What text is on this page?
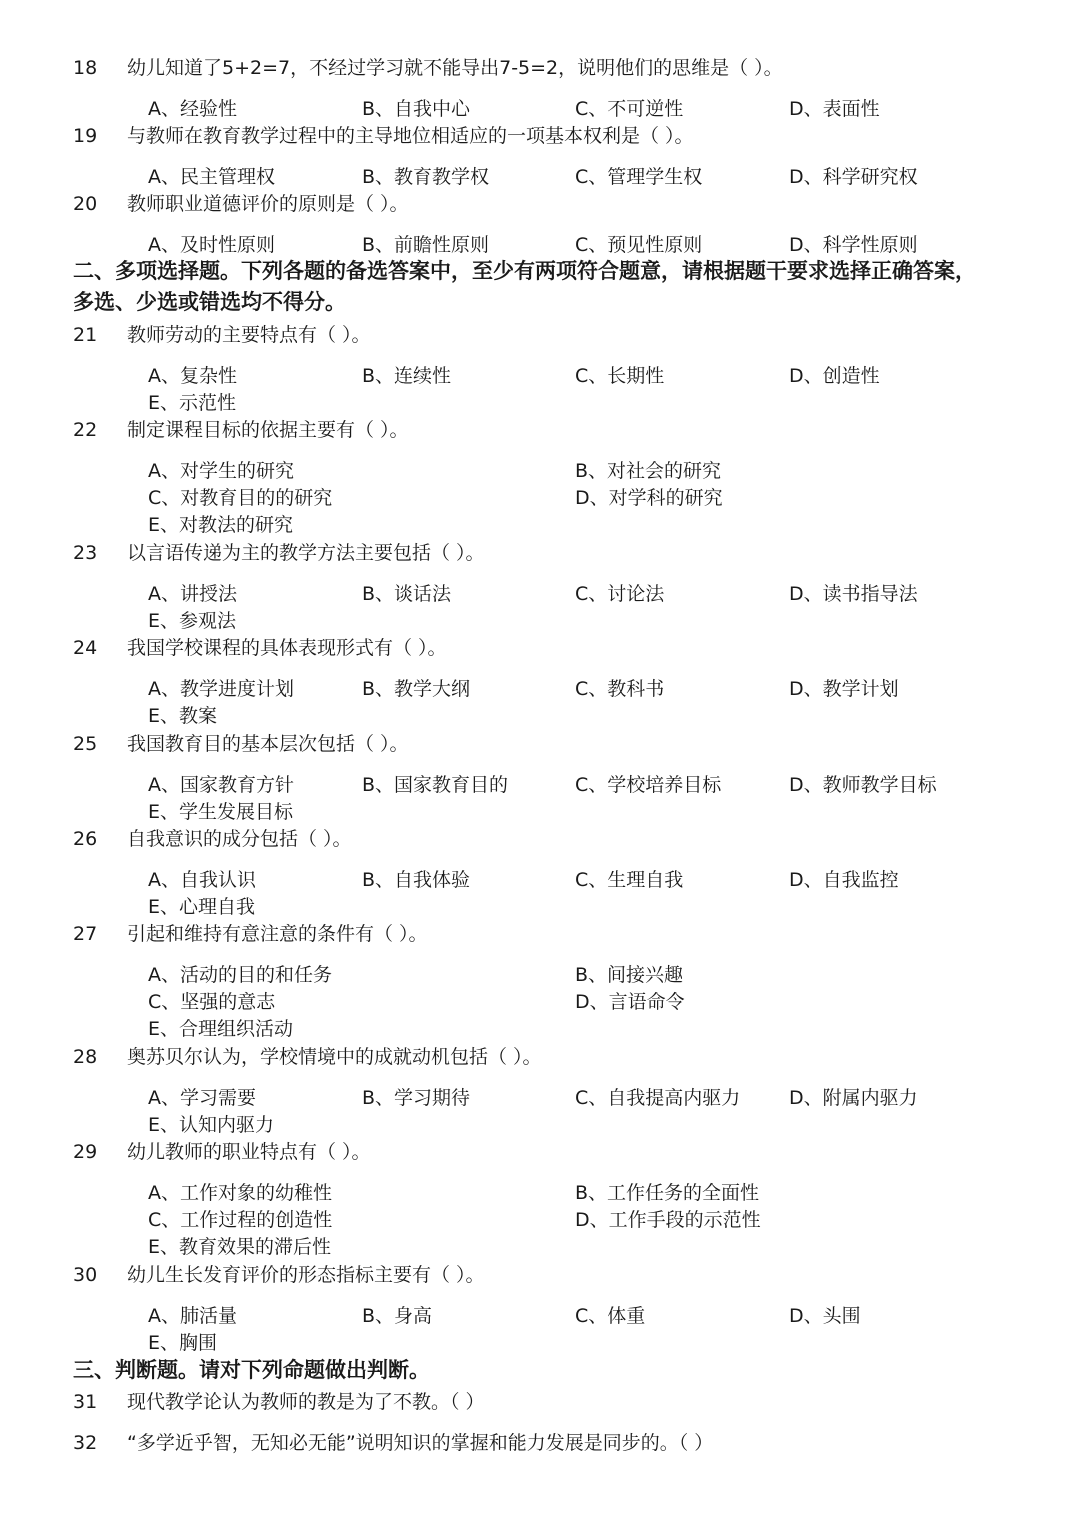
18 幼儿知道了5+2=7，不经过学习就不能导出7-5=2，说明他们的思维是（ ）。
A、经验性	B、自我中心	C、不可逆性	D、表面性
19 与教师在教育教学过程中的主导地位相适应的一项基本权利是（ ）。
A、民主管理权	B、教育教学权	C、管理学生权	D、科学研究权
20 教师职业道德评价的原则是（ ）。
A、及时性原则	B、前瞻性原则	C、预见性原则	D、科学性原则
二、多项选择题。下列各题的备选答案中，至少有两项符合题意，请根据题干要求选择正确答案，多选、少选或错选均不得分。
21 教师劳动的主要特点有（ ）。
A、复杂性	B、连续性	C、长期性	D、创造性
E、示范性
22 制定课程目标的依据主要有（ ）。
A、对学生的研究	B、对社会的研究
C、对教育目的的研究	D、对学科的研究
E、对教法的研究
23 以言语传递为主的教学方法主要包括（ ）。
A、讲授法	B、谈话法	C、讨论法	D、读书指导法
E、参观法
24 我国学校课程的具体表现形式有（ ）。
A、教学进度计划	B、教学大纲	C、教科书	D、教学计划
E、教案
25 我国教育目的基本层次包括（ ）。
A、国家教育方针	B、国家教育目的	C、学校培养目标	D、教师教学目标
E、学生发展目标
26 自我意识的成分包括（ ）。
A、自我认识	B、自我体验	C、生理自我	D、自我监控
E、心理自我
27 引起和维持有意注意的条件有（ ）。
A、活动的目的和任务	B、间接兴趣
C、坚强的意志	D、言语命令
E、合理组织活动
28 奥苏贝尔认为，学校情境中的成就动机包括（ ）。
A、学习需要	B、学习期待	C、自我提高内驱力	D、附属内驱力
E、认知内驱力
29 幼儿教师的职业特点有（ ）。
A、工作对象的幼稚性	B、工作任务的全面性
C、工作过程的创造性	D、工作手段的示范性
E、教育效果的滞后性
30 幼儿生长发育评价的形态指标主要有（ ）。
A、肺活量	B、身高	C、体重	D、头围
E、胸围
三、判断题。请对下列命题做出判断。
31 现代教学论认为教师的教是为了不教。（ ）
32 “多学近乎智，无知必无能”说明知识的掌握和能力发展是同步的。（ ）
